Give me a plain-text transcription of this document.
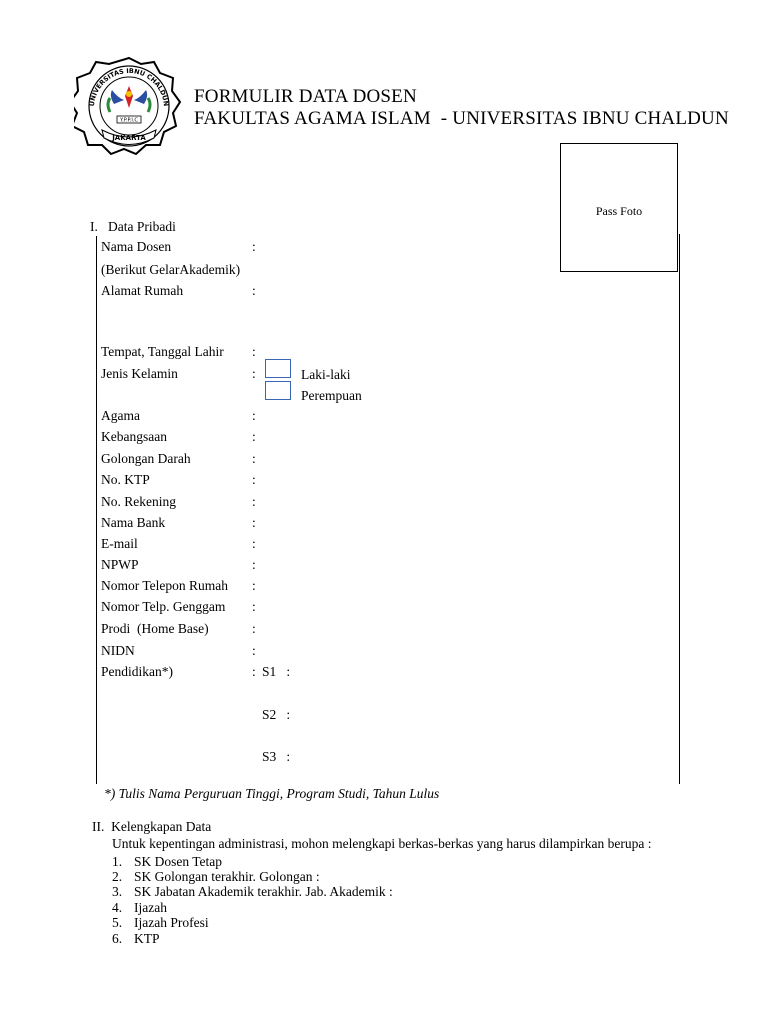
UNIVERSITAS IBNU CHALDUN
Y.P.P.I.C
JAKARTA
FORMULIR DATA DOSEN
FAKULTAS AGAMA ISLAM  - UNIVERSITAS IBNU CHALDUN
Pass Foto
I.   Data Pribadi
Nama Dosen	:
(Berikut GelarAkademik)
Alamat Rumah	:
Tempat, Tanggal Lahir :
Jenis Kelamin	:	Laki-laki
Perempuan
Agama	:
Kebangsaan	:
Golongan Darah	:
No. KTP	:
No. Rekening	:
Nama Bank	:
E-mail	:
NPWP	:
Nomor Telepon Rumah :
Nomor Telp. Genggam :
Prodi  (Home Base)	:
NIDN	:
Pendidikan*)	: S1   :
S2   :
S3   :
*) Tulis Nama Perguruan Tinggi, Program Studi, Tahun Lulus
II.  Kelengkapan Data
Untuk kepentingan administrasi, mohon melengkapi berkas-berkas yang harus dilampirkan berupa :
1. SK Dosen Tetap
2. SK Golongan terakhir. Golongan :
3. SK Jabatan Akademik terakhir. Jab. Akademik :
4. Ijazah
5. Ijazah Profesi
6. KTP
